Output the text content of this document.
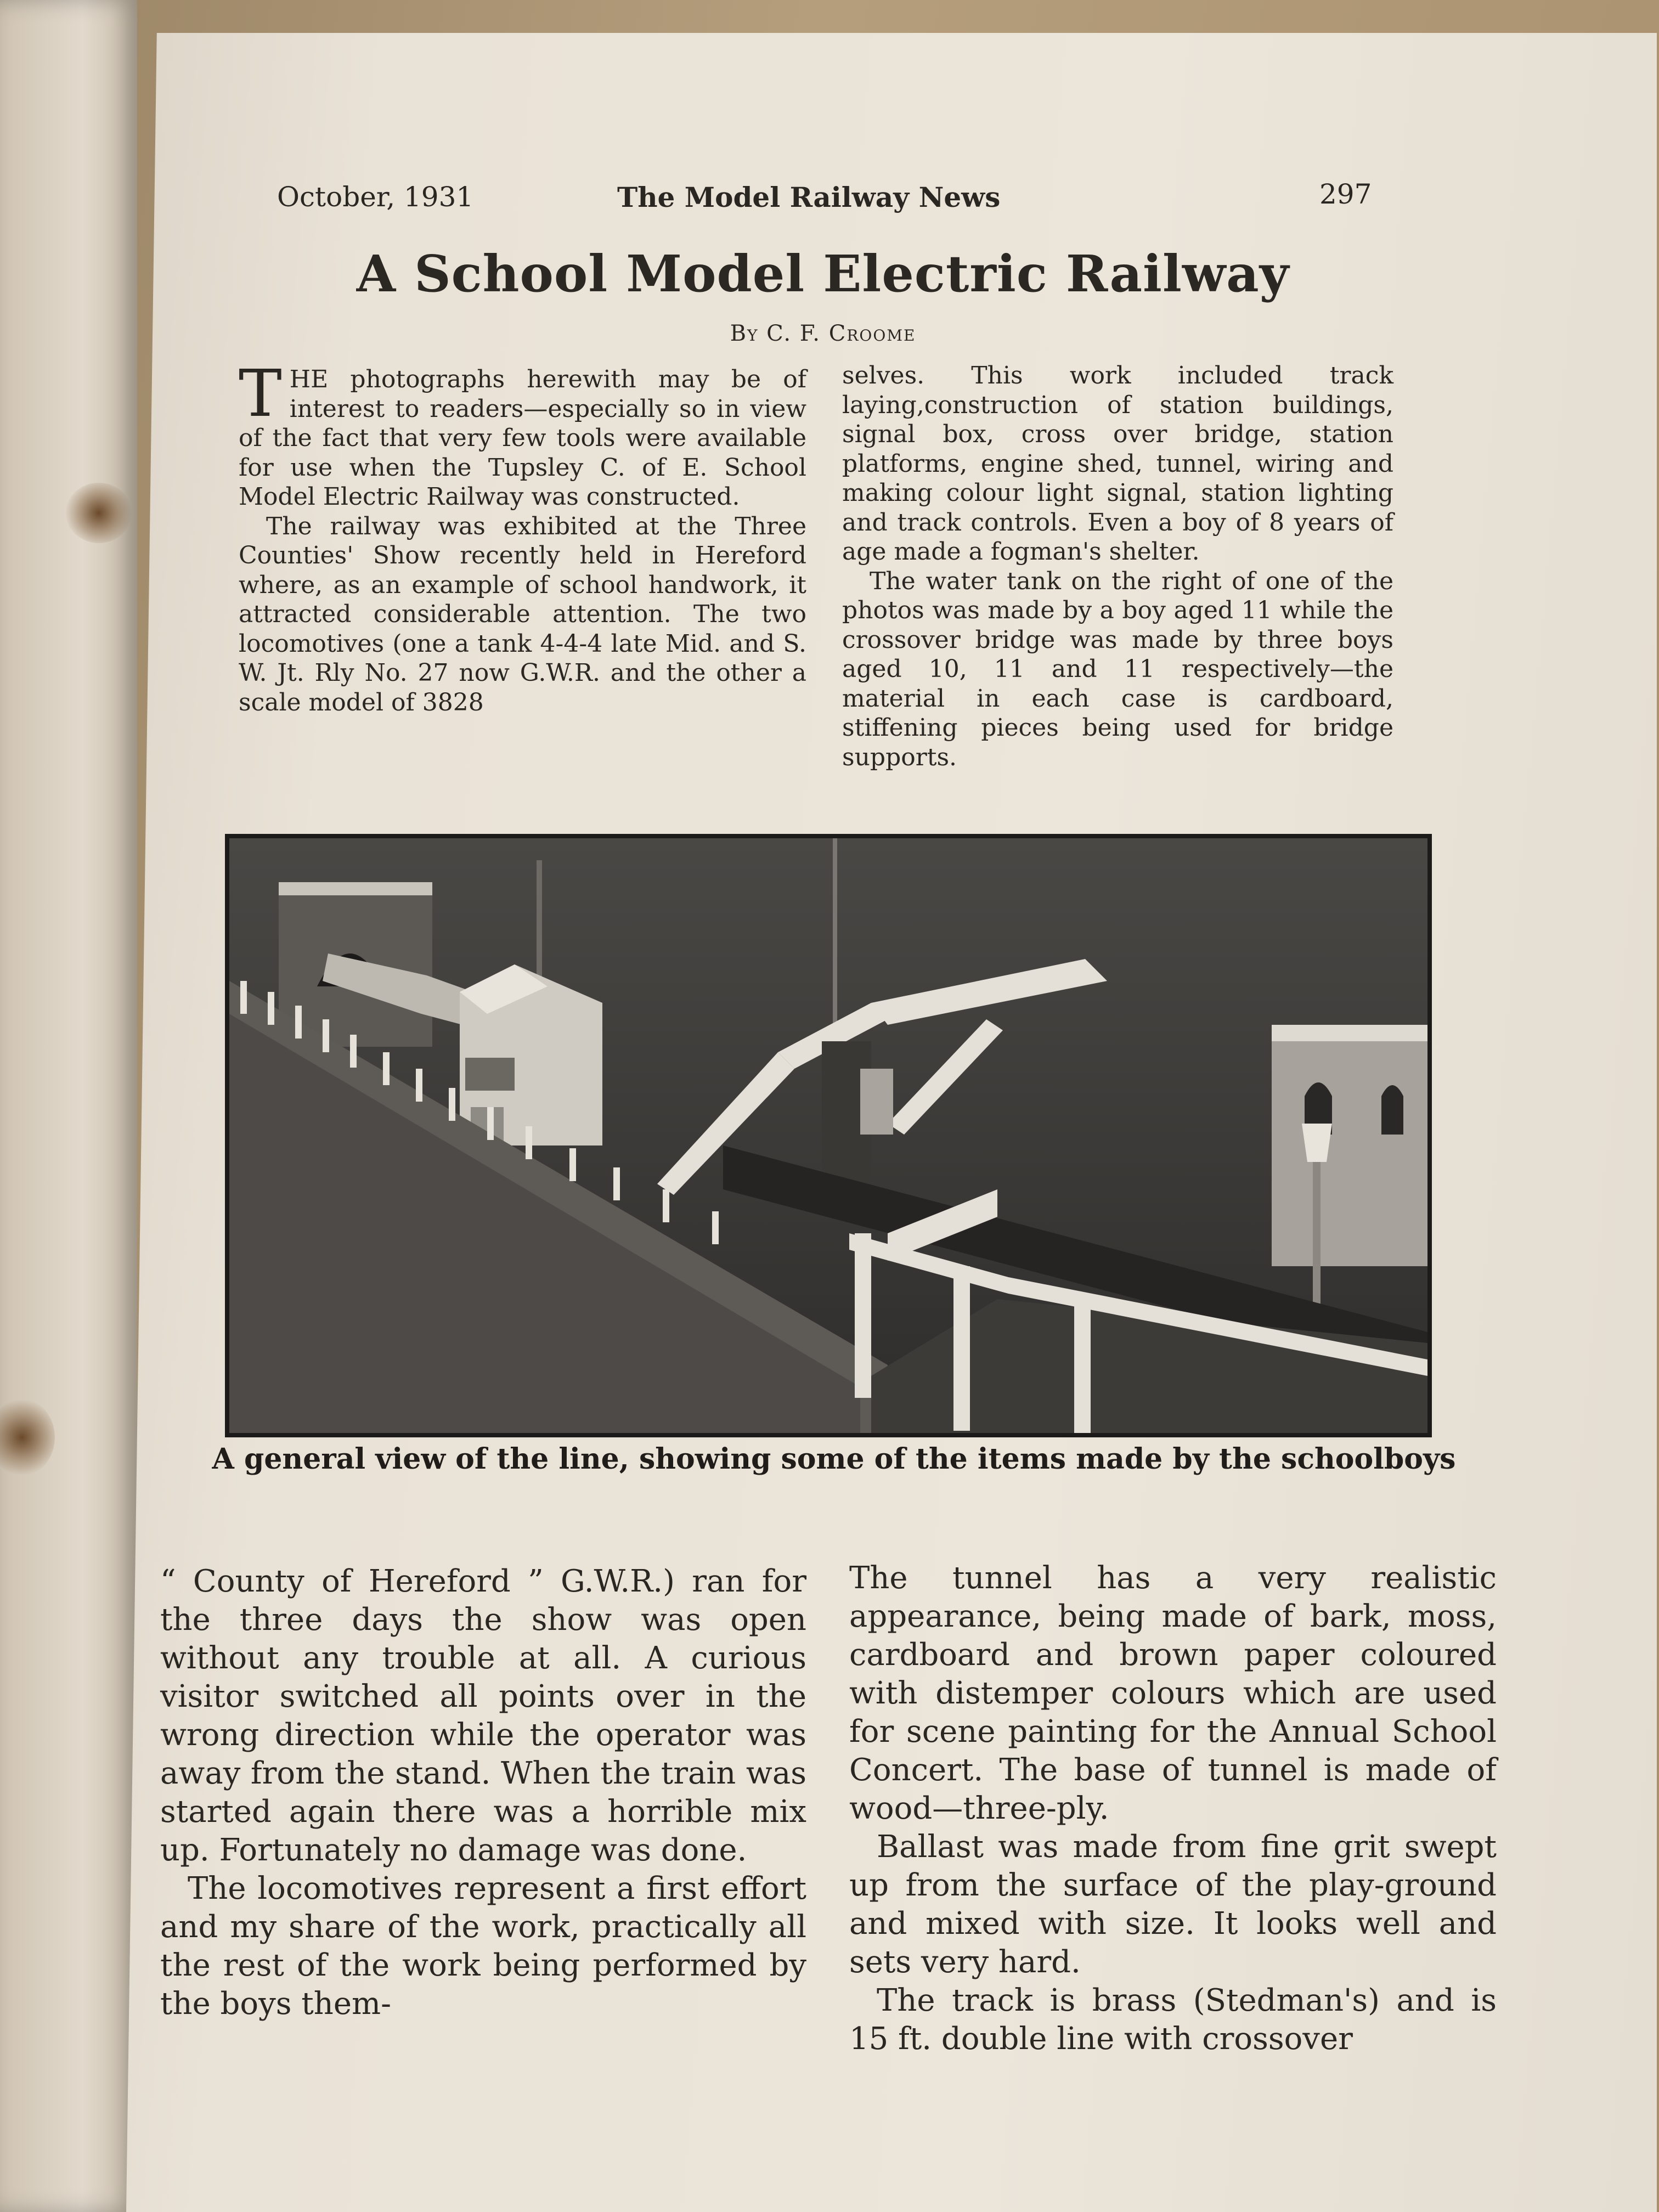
October, 1931	The Model Railway News	297
A School Model Electric Railway
By C. F. Croome

THE photographs herewith may be of interest to readers—especially so in view of the fact that very few tools were available for use when the Tupsley C. of E. School Model Electric Railway was constructed.

The railway was exhibited at the Three Counties' Show recently held in Hereford where, as an example of school handwork, it attracted considerable attention. The two locomotives (one a tank 4-4-4 late Mid. and S. W. Jt. Rly No. 27 now G.W.R. and the other a scale model of 3828

selves. This work included track laying,construction of station buildings, signal box, cross over bridge, station platforms, engine shed, tunnel, wiring and making colour light signal, station lighting and track controls. Even a boy of 8 years of age made a fogman's shelter.

The water tank on the right of one of the photos was made by a boy aged 11 while the crossover bridge was made by three boys aged 10, 11 and 11 respectively—the material in each case is cardboard, stiffening pieces being used for bridge supports.

A general view of the line, showing some of the items made by the schoolboys

“ County of Hereford ” G.W.R.) ran for the three days the show was open without any trouble at all. A curious visitor switched all points over in the wrong direction while the operator was away from the stand. When the train was started again there was a horrible mix up. Fortunately no damage was done.

The locomotives represent a first effort and my share of the work, practically all the rest of the work being performed by the boys them-

The tunnel has a very realistic appearance, being made of bark, moss, cardboard and brown paper coloured with distemper colours which are used for scene painting for the Annual School Concert. The base of tunnel is made of wood—three-ply.

Ballast was made from fine grit swept up from the surface of the play-ground and mixed with size. It looks well and sets very hard.

The track is brass (Stedman's) and is 15 ft. double line with crossover
